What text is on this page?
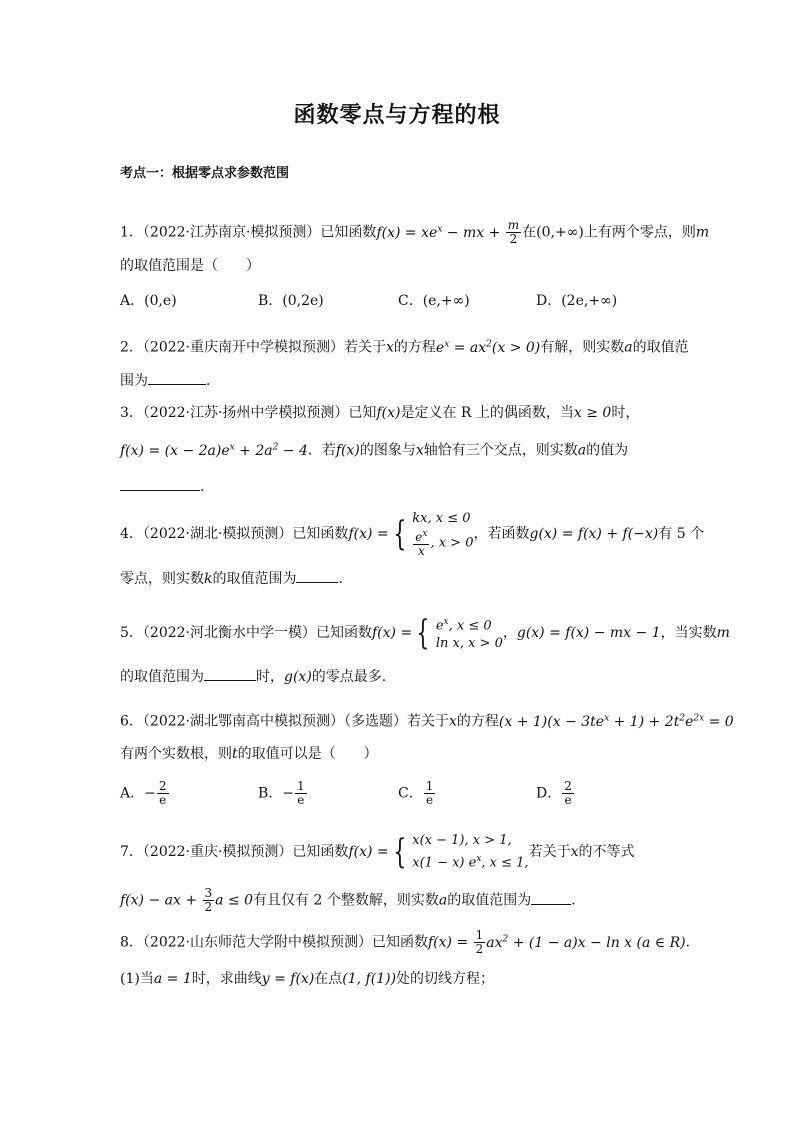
函数零点与方程的根
考点一：根据零点求参数范围
1．（2022·江苏南京·模拟预测）已知函数$f(x) = xe^x$ − mx + $\frac{m}{2}$ 在(0,+∞)上有两个零点，则m
的取值范围是（　　）
A．(0,e)	B．(0,2e)	C．(e,+∞)	D．(2e,+∞)
2．（2022·重庆南开中学模拟预测）若关于x的方程$e^x = ax^2(x > 0)$有解，则实数a的取值范
围为	．
3．（2022·江苏·扬州中学模拟预测）已知f(x)是定义在 R 上的偶函数，当x ≥ 0时，
$f(x) = (x - 2a)e^x + 2a^2 - 4$．若f(x)的图象与x轴恰有三个交点，则实数a的值为
.
4．（2022·湖北·模拟预测）已知函数 f(x) = { kx, x ≤ 0
$\frac{e^x}{x}$ , x > 0
，若函数g(x) = f(x) + f(−x)有 5 个
零点，则实数k的取值范围为	．
5．（2022·河北衡水中学一模）已知函数 f(x) = { $e^x$, x ≤ 0
ln x, x > 0
，g(x) = f(x) − mx − 1，当实数m
的取值范围为	时，g(x)的零点最多.
6．（2022·湖北鄂南高中模拟预测）（多选题）若关于x的方程$(x + 1)(x - 3te^x + 1) + 2t^2e^{2x} = 0$
有两个实数根，则t的取值可以是（　　）
A．− $\frac{2}{e}$	B．− $\frac{1}{e}$	C． $\frac{1}{e}$	D． $\frac{2}{e}$
7．（2022·重庆·模拟预测）已知函数 f(x) = { x(x − 1), x > 1,
x(1 − x) $e^x$, x ≤ 1,
若关于x的不等式
f(x) − ax + $\frac{3}{2}$ a ≤ 0有且仅有 2 个整数解，则实数a的取值范围为	.
8．（2022·山东师范大学附中模拟预测）已知函数$f(x) = \frac{1}{2} ax^2 + (1 - a)x - \ln x$ (a ∈ R)．
(1)当a = 1时，求曲线y = f(x)在点(1, f(1))处的切线方程；
